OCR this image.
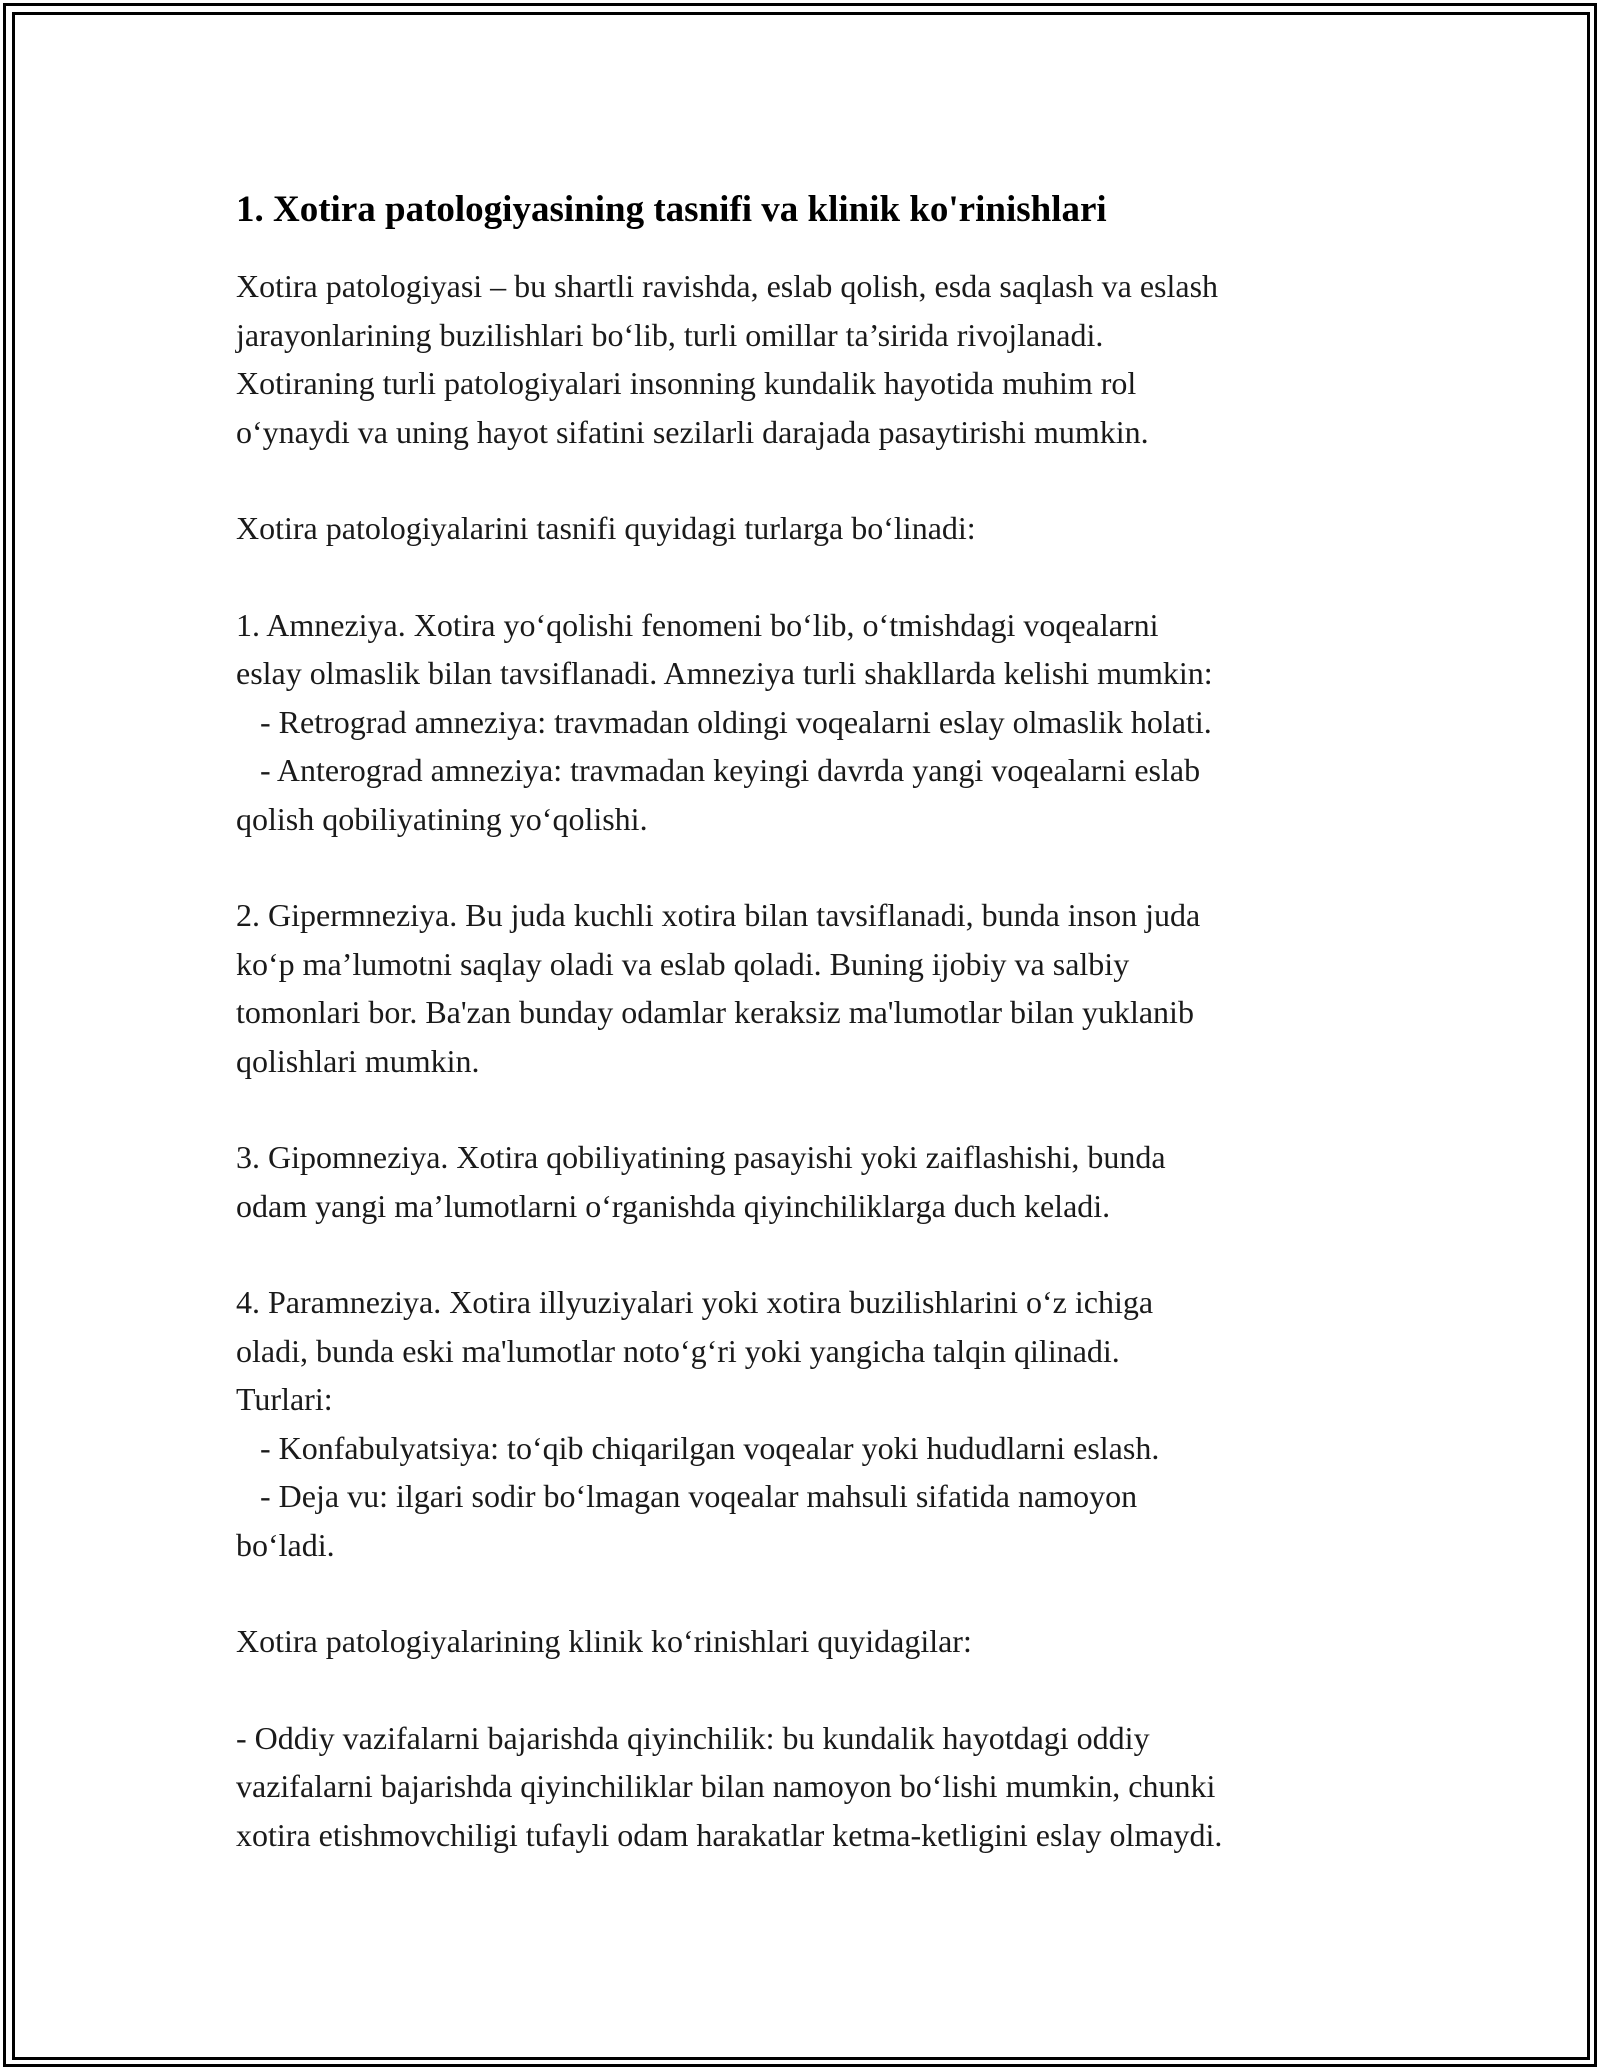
1. Xotira patologiyasining tasnifi va klinik ko'rinishlari

Xotira patologiyasi – bu shartli ravishda, eslab qolish, esda saqlash va eslash
jarayonlarining buzilishlari bo‘lib, turli omillar ta’sirida rivojlanadi.
Xotiraning turli patologiyalari insonning kundalik hayotida muhim rol
o‘ynaydi va uning hayot sifatini sezilarli darajada pasaytirishi mumkin.

Xotira patologiyalarini tasnifi quyidagi turlarga bo‘linadi:

1. Amneziya. Xotira yo‘qolishi fenomeni bo‘lib, o‘tmishdagi voqealarni
eslay olmaslik bilan tavsiflanadi. Amneziya turli shakllarda kelishi mumkin:
- Retrograd amneziya: travmadan oldingi voqealarni eslay olmaslik holati.
- Anterograd amneziya: travmadan keyingi davrda yangi voqealarni eslab
qolish qobiliyatining yo‘qolishi.

2. Gipermneziya. Bu juda kuchli xotira bilan tavsiflanadi, bunda inson juda
ko‘p ma’lumotni saqlay oladi va eslab qoladi. Buning ijobiy va salbiy
tomonlari bor. Ba'zan bunday odamlar keraksiz ma'lumotlar bilan yuklanib
qolishlari mumkin.

3. Gipomneziya. Xotira qobiliyatining pasayishi yoki zaiflashishi, bunda
odam yangi ma’lumotlarni o‘rganishda qiyinchiliklarga duch keladi.

4. Paramneziya. Xotira illyuziyalari yoki xotira buzilishlarini o‘z ichiga
oladi, bunda eski ma'lumotlar noto‘g‘ri yoki yangicha talqin qilinadi.
Turlari:
- Konfabulyatsiya: to‘qib chiqarilgan voqealar yoki hududlarni eslash.
- Deja vu: ilgari sodir bo‘lmagan voqealar mahsuli sifatida namoyon
bo‘ladi.

Xotira patologiyalarining klinik ko‘rinishlari quyidagilar:

- Oddiy vazifalarni bajarishda qiyinchilik: bu kundalik hayotdagi oddiy
vazifalarni bajarishda qiyinchiliklar bilan namoyon bo‘lishi mumkin, chunki
xotira etishmovchiligi tufayli odam harakatlar ketma-ketligini eslay olmaydi.
